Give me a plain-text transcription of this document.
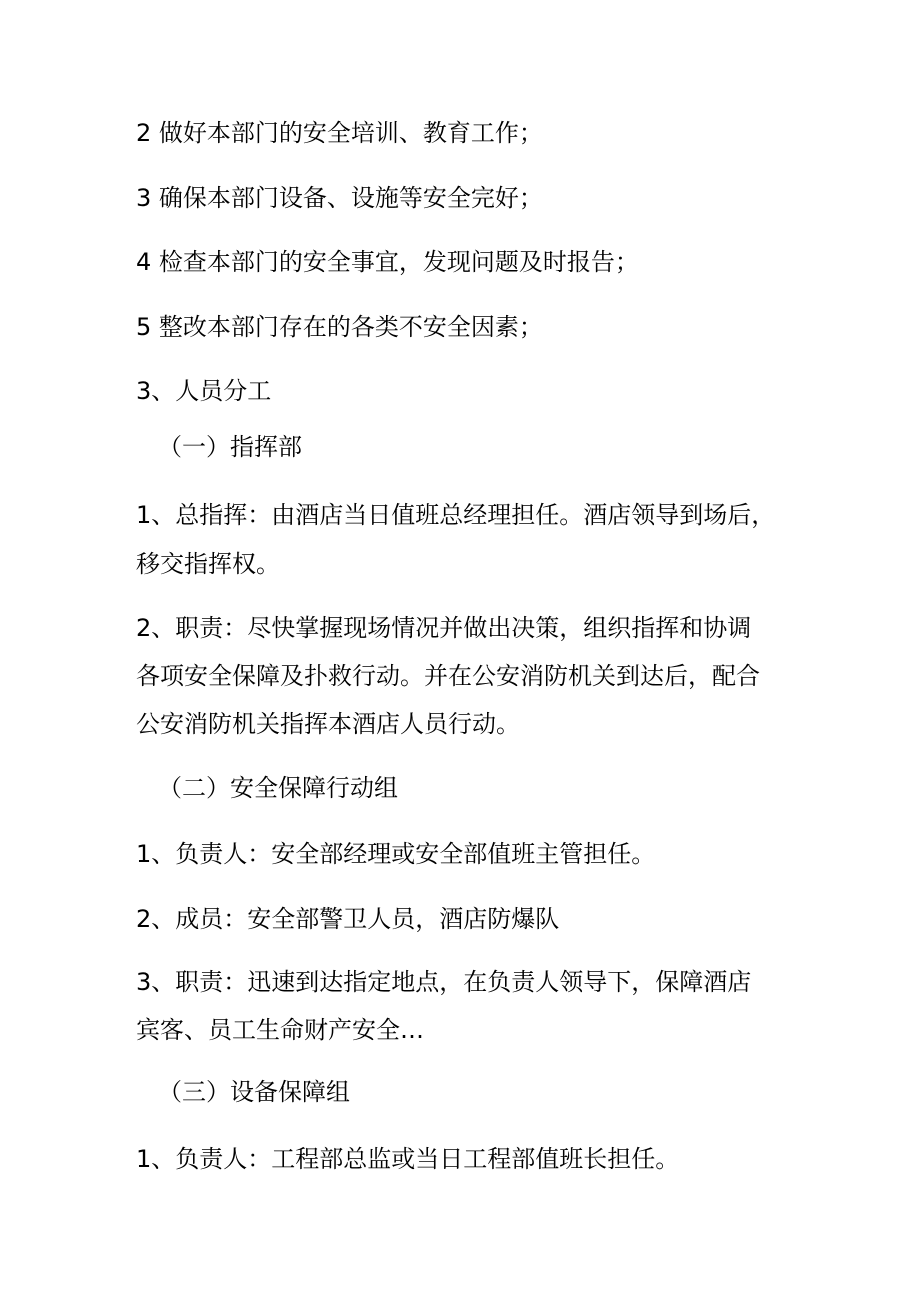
2 做好本部门的安全培训、教育工作；

3 确保本部门设备、设施等安全完好；

4 检查本部门的安全事宜，发现问题及时报告；

5 整改本部门存在的各类不安全因素；

3、人员分工

（一）指挥部

1、总指挥：由酒店当日值班总经理担任。酒店领导到场后，

移交指挥权。

2、职责：尽快掌握现场情况并做出决策，组织指挥和协调

各项安全保障及扑救行动。并在公安消防机关到达后，配合

公安消防机关指挥本酒店人员行动。

（二）安全保障行动组

1、负责人：安全部经理或安全部值班主管担任。

2、成员：安全部警卫人员，酒店防爆队

3、职责：迅速到达指定地点，在负责人领导下，保障酒店

宾客、员工生命财产安全…

（三）设备保障组

1、负责人：工程部总监或当日工程部值班长担任。
